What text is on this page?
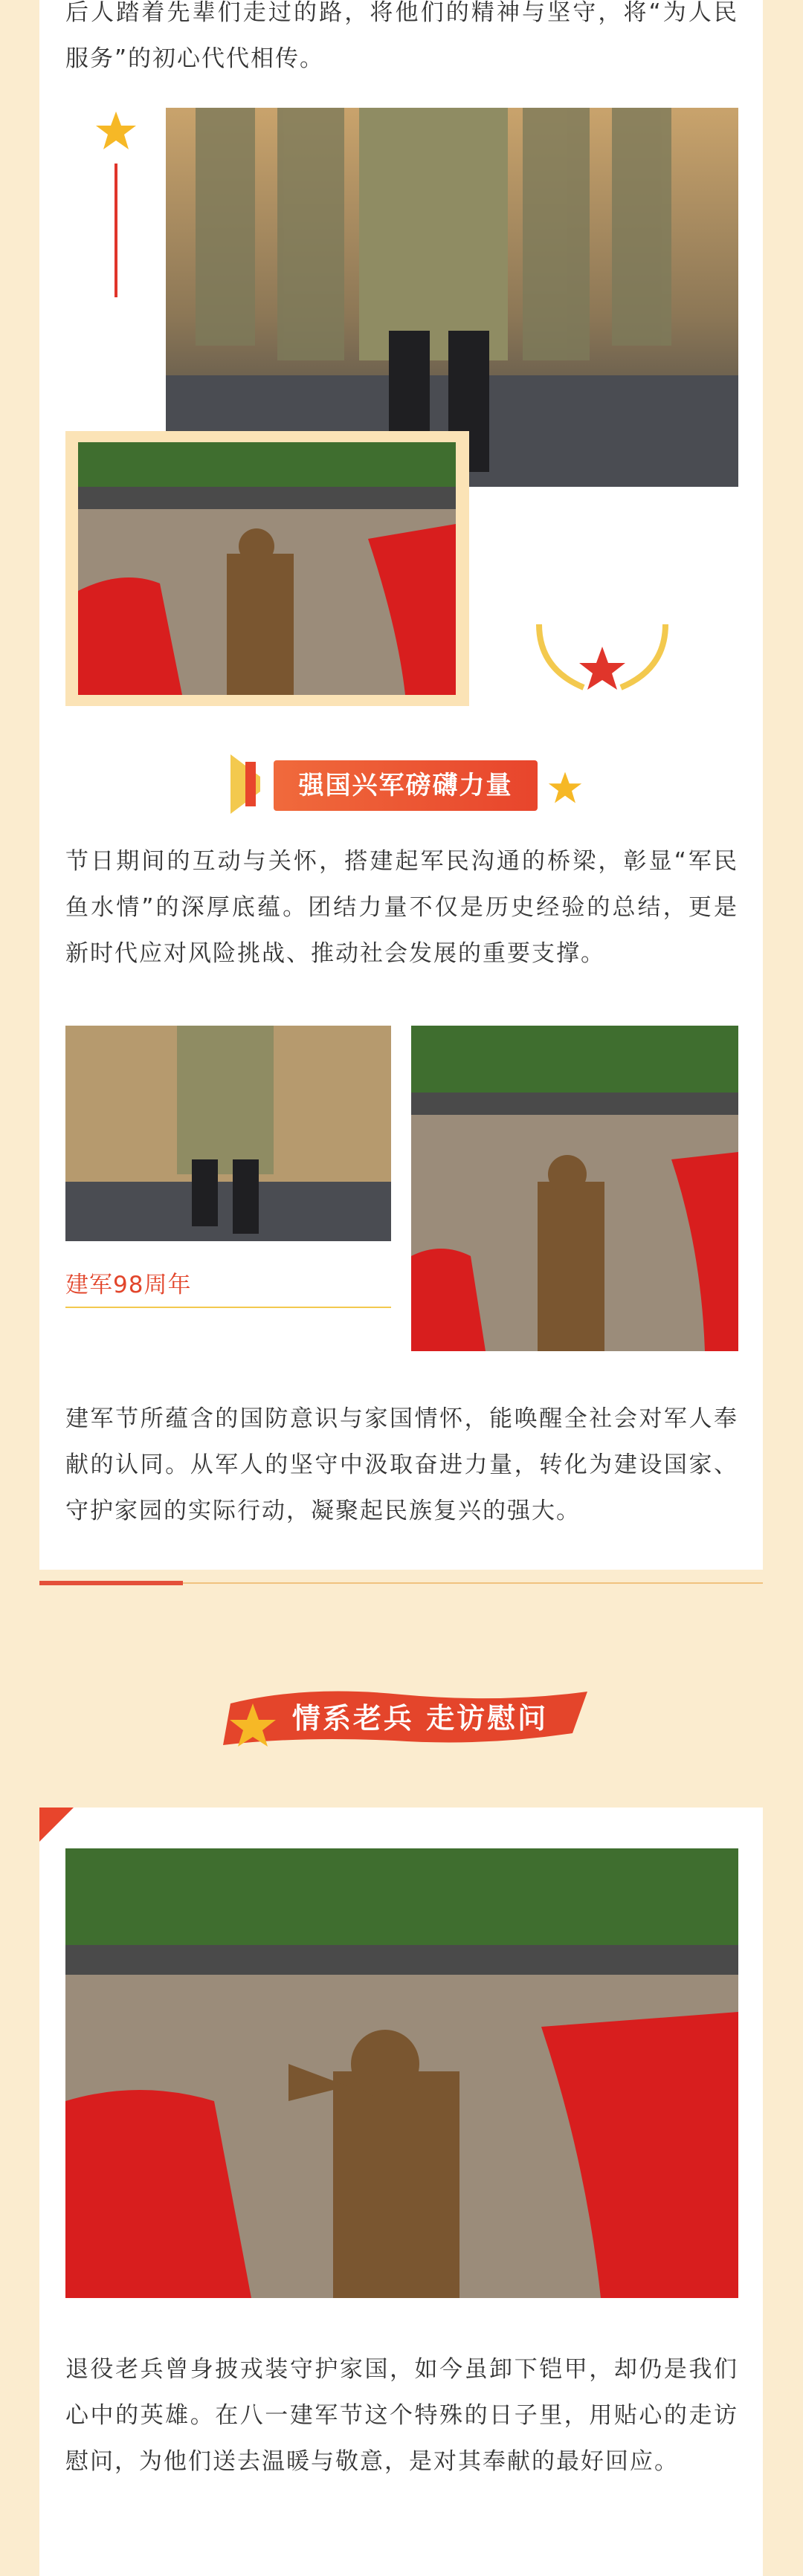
后人踏着先辈们走过的路，将他们的精神与坚守，将“为人民服务”的初心代代相传。

强国兴军磅礴力量

节日期间的互动与关怀，搭建起军民沟通的桥梁，彰显“军民鱼水情”的深厚底蕴。团结力量不仅是历史经验的总结，更是新时代应对风险挑战、推动社会发展的重要支撑。

建军98周年

建军节所蕴含的国防意识与家国情怀，能唤醒全社会对军人奉献的认同。从军人的坚守中汲取奋进力量，转化为建设国家、守护家园的实际行动，凝聚起民族复兴的强大。

情系老兵 走访慰问

退役老兵曾身披戎装守护家国，如今虽卸下铠甲，却仍是我们心中的英雄。在八一建军节这个特殊的日子里，用贴心的走访慰问，为他们送去温暖与敬意，是对其奉献的最好回应。
